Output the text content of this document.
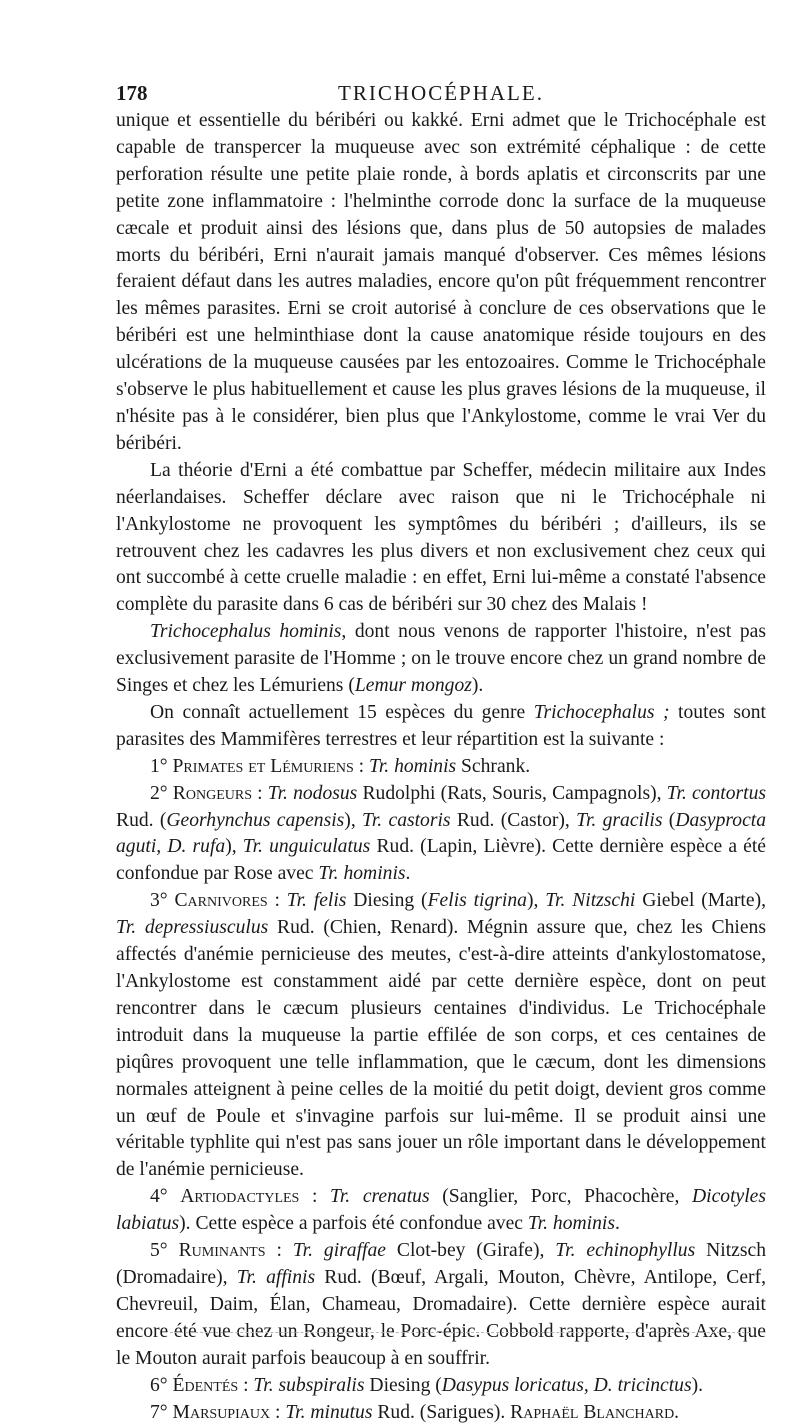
178	TRICHOCÉPHALE.

unique et essentielle du béribéri ou kakké. Erni admet que le Trichocéphale est capable de transpercer la muqueuse avec son extrémité céphalique : de cette perforation résulte une petite plaie ronde, à bords aplatis et circonscrits par une petite zone inflammatoire : l'helminthe corrode donc la surface de la muqueuse cæcale et produit ainsi des lésions que, dans plus de 50 autopsies de malades morts du béribéri, Erni n'aurait jamais manqué d'observer. Ces mêmes lésions feraient défaut dans les autres maladies, encore qu'on pût fréquemment rencontrer les mêmes parasites. Erni se croit autorisé à conclure de ces observations que le béribéri est une helminthiase dont la cause anatomique réside toujours en des ulcérations de la muqueuse causées par les entozoaires. Comme le Trichocéphale s'observe le plus habituellement et cause les plus graves lésions de la muqueuse, il n'hésite pas à le considérer, bien plus que l'Ankylostome, comme le vrai Ver du béribéri.

La théorie d'Erni a été combattue par Scheffer, médecin militaire aux Indes néerlandaises. Scheffer déclare avec raison que ni le Trichocéphale ni l'Ankylostome ne provoquent les symptômes du béribéri ; d'ailleurs, ils se retrouvent chez les cadavres les plus divers et non exclusivement chez ceux qui ont succombé à cette cruelle maladie : en effet, Erni lui-même a constaté l'absence complète du parasite dans 6 cas de béribéri sur 30 chez des Malais !

Trichocephalus hominis, dont nous venons de rapporter l'histoire, n'est pas exclusivement parasite de l'Homme ; on le trouve encore chez un grand nombre de Singes et chez les Lémuriens (Lemur mongoz).

On connaît actuellement 15 espèces du genre Trichocephalus ; toutes sont parasites des Mammifères terrestres et leur répartition est la suivante :

1° Primates et Lémuriens : Tr. hominis Schrank.

2° Rongeurs : Tr. nodosus Rudolphi (Rats, Souris, Campagnols), Tr. contortus Rud. (Georhynchus capensis), Tr. castoris Rud. (Castor), Tr. gracilis (Dasyprocta aguti, D. rufa), Tr. unguiculatus Rud. (Lapin, Lièvre). Cette dernière espèce a été confondue par Rose avec Tr. hominis.

3° Carnivores : Tr. felis Diesing (Felis tigrina), Tr. Nitzschi Giebel (Marte), Tr. depressiusculus Rud. (Chien, Renard). Mégnin assure que, chez les Chiens affectés d'anémie pernicieuse des meutes, c'est-à-dire atteints d'ankylostomatose, l'Ankylostome est constamment aidé par cette dernière espèce, dont on peut rencontrer dans le cæcum plusieurs centaines d'individus. Le Trichocéphale introduit dans la muqueuse la partie effilée de son corps, et ces centaines de piqûres provoquent une telle inflammation, que le cæcum, dont les dimensions normales atteignent à peine celles de la moitié du petit doigt, devient gros comme un œuf de Poule et s'invagine parfois sur lui-même. Il se produit ainsi une véritable typhlite qui n'est pas sans jouer un rôle important dans le développement de l'anémie pernicieuse.

4° Artiodactyles : Tr. crenatus (Sanglier, Porc, Phacochère, Dicotyles labiatus). Cette espèce a parfois été confondue avec Tr. hominis.

5° Ruminants : Tr. giraffae Clot-bey (Girafe), Tr. echinophyllus Nitzsch (Dromadaire), Tr. affinis Rud. (Bœuf, Argali, Mouton, Chèvre, Antilope, Cerf, Chevreuil, Daim, Élan, Chameau, Dromadaire). Cette dernière espèce aurait encore été vue chez un Rongeur, le Porc-épic. Cobbold rapporte, d'après Axe, que le Mouton aurait parfois beaucoup à en souffrir.

6° Édentés : Tr. subspiralis Diesing (Dasypus loricatus, D. tricinctus).

7° Marsupiaux : Tr. minutus Rud. (Sarigues). Raphaël Blanchard.
